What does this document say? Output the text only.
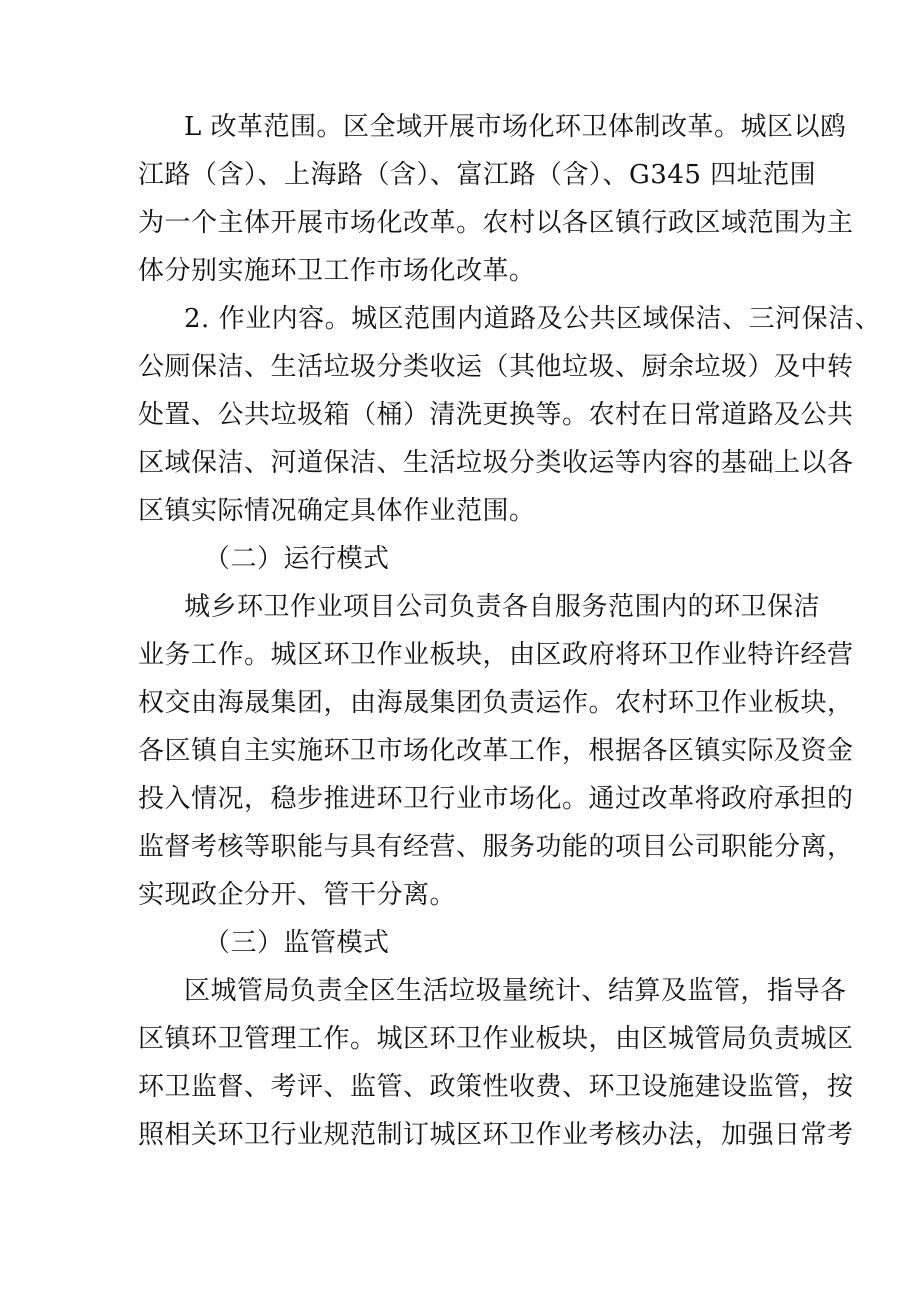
L 改革范围。区全域开展市场化环卫体制改革。城区以鸥
江路（含）、上海路（含）、富江路（含）、G345 四址范围
为一个主体开展市场化改革。农村以各区镇行政区域范围为主
体分别实施环卫工作市场化改革。
2. 作业内容。城区范围内道路及公共区域保洁、三河保洁、
公厕保洁、生活垃圾分类收运（其他垃圾、厨余垃圾）及中转
处置、公共垃圾箱（桶）清洗更换等。农村在日常道路及公共
区域保洁、河道保洁、生活垃圾分类收运等内容的基础上以各
区镇实际情况确定具体作业范围。
（二）运行模式
城乡环卫作业项目公司负责各自服务范围内的环卫保洁
业务工作。城区环卫作业板块，由区政府将环卫作业特许经营
权交由海晟集团，由海晟集团负责运作。农村环卫作业板块，
各区镇自主实施环卫市场化改革工作，根据各区镇实际及资金
投入情况，稳步推进环卫行业市场化。通过改革将政府承担的
监督考核等职能与具有经营、服务功能的项目公司职能分离，
实现政企分开、管干分离。
（三）监管模式
区城管局负责全区生活垃圾量统计、结算及监管，指导各
区镇环卫管理工作。城区环卫作业板块，由区城管局负责城区
环卫监督、考评、监管、政策性收费、环卫设施建设监管，按
照相关环卫行业规范制订城区环卫作业考核办法，加强日常考
